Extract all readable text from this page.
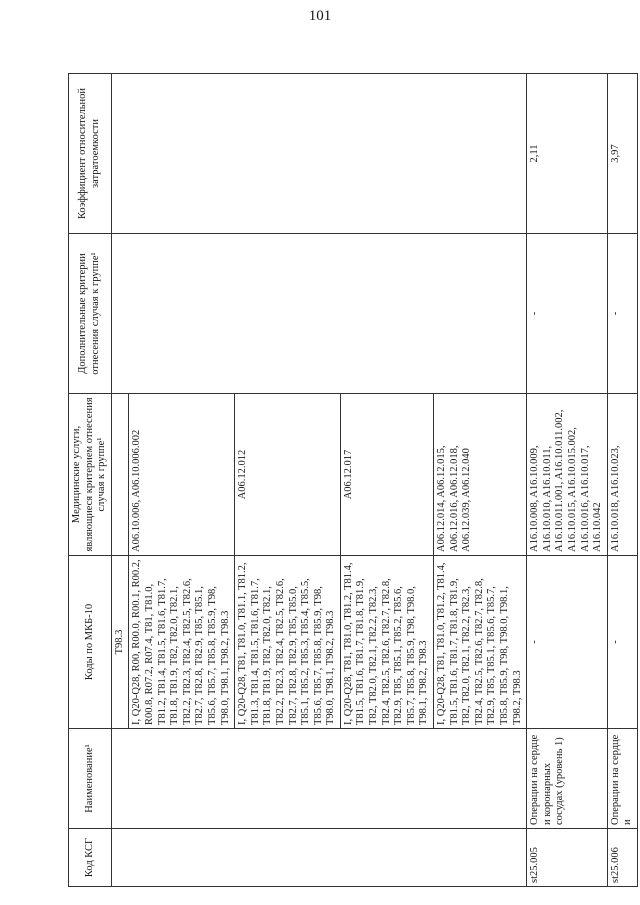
101
Код КСГ	Наименование¹	Коды по МКБ-10	Медицинские услуги, являющиеся критерием отнесения случая к группе¹	Дополнительные критерии отнесения случая к группе¹	Коэффициент относительной затратоемкости
		T98.3			
		I, Q20-Q28, R00, R00.0, R00.1, R00.2, R00.8, R07.2, R07.4, T81, T81.0, T81.2, T81.4, T81.5, T81.6, T81.7, T81.8, T81.9, T82, T82.0, T82.1, T82.2, T82.3, T82.4, T82.5, T82.6, T82.7, T82.8, T82.9, T85, T85.1, T85.6, T85.7, T85.8, T85.9, T98, T98.0, T98.1, T98.2, T98.3	A06.10.006, A06.10.006.002		
		I, Q20-Q28, T81, T81.0, T81.1, T81.2, T81.3, T81.4, T81.5, T81.6, T81.7, T81.8, T81.9, T82, T82.0, T82.1, T82.2, T82.3, T82.4, T82.5, T82.6, T82.7, T82.8, T82.9, T85, T85.0, T85.1, T85.2, T85.3, T85.4, T85.5, T85.6, T85.7, T85.8, T85.9, T98, T98.0, T98.1, T98.2, T98.3	A06.12.012		
		I, Q20-Q28, T81, T81.0, T81.2, T81.4, T81.5, T81.6, T81.7, T81.8, T81.9, T82, T82.0, T82.1, T82.2, T82.3, T82.4, T82.5, T82.6, T82.7, T82.8, T82.9, T85, T85.1, T85.2, T85.6, T85.7, T85.8, T85.9, T98, T98.0, T98.1, T98.2, T98.3	A06.12.017		
		I, Q20-Q28, T81, T81.0, T81.2, T81.4, T81.5, T81.6, T81.7, T81.8, T81.9, T82, T82.0, T82.1, T82.2, T82.3, T82.4, T82.5, T82.6, T82.7, T82.8, T82.9, T85, T85.1, T85.6, T85.7, T85.8, T85.9, T98, T98.0, T98.1, T98.2, T98.3	A06.12.014, A06.12.015, A06.12.016, A06.12.018, A06.12.039, A06.12.040		
st25.005	Операции на сердце и коронарных сосудах (уровень 1)	-	A16.10.008, A16.10.009, A16.10.010, A16.10.011, A16.10.011.001, A16.10.011.002, A16.10.015, A16.10.015.002, A16.10.016, A16.10.017, A16.10.042	-	2,11
st25.006	Операции на сердце и	-	A16.10.018, A16.10.023,	-	3,97
